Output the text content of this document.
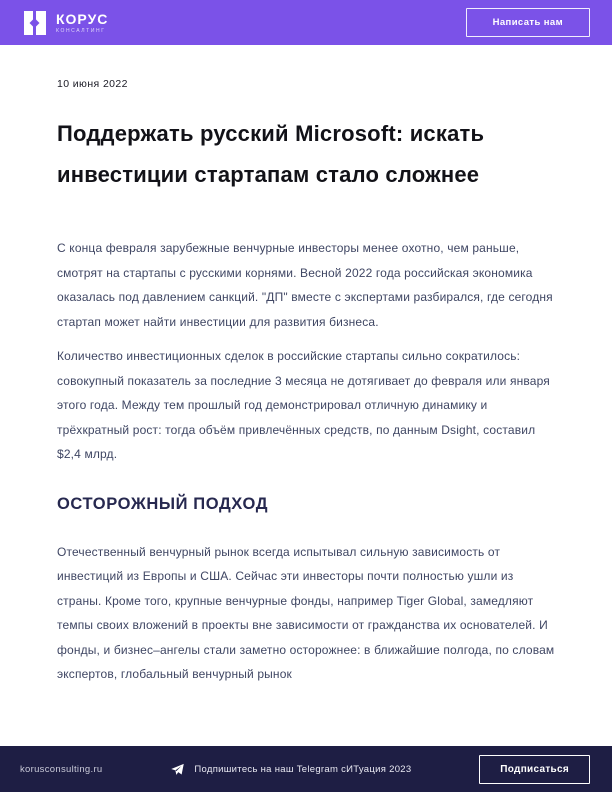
КОРУС
КОНСАЛТИНГ
Написать нам
10 июня 2022
Поддержать русский Microsoft: искать инвестиции стартапам стало сложнее

С конца февраля зарубежные венчурные инвесторы менее охотно, чем раньше, смотрят на стартапы с русскими корнями. Весной 2022 года российская экономика оказалась под давлением санкций. "ДП" вместе с экспертами разбирался, где сегодня стартап может найти инвестиции для развития бизнеса.

Количество инвестиционных сделок в российские стартапы сильно сократилось: совокупный показатель за последние 3 месяца не дотягивает до февраля или января этого года. Между тем прошлый год демонстрировал отличную динамику и трёхкратный рост: тогда объём привлечённых средств, по данным Dsight, составил $2,4 млрд.

ОСТОРОЖНЫЙ ПОДХОД

Отечественный венчурный рынок всегда испытывал сильную зависимость от инвестиций из Европы и США. Сейчас эти инвесторы почти полностью ушли из страны. Кроме того, крупные венчурные фонды, например Tiger Global, замедляют темпы своих вложений в проекты вне зависимости от гражданства их основателей. И фонды, и бизнес–ангелы стали заметно осторожнее: в ближайшие полгода, по словам экспертов, глобальный венчурный рынок

korusconsulting.ru	Подпишитесь на наш Telegram сИТуация 2023	Подписаться
